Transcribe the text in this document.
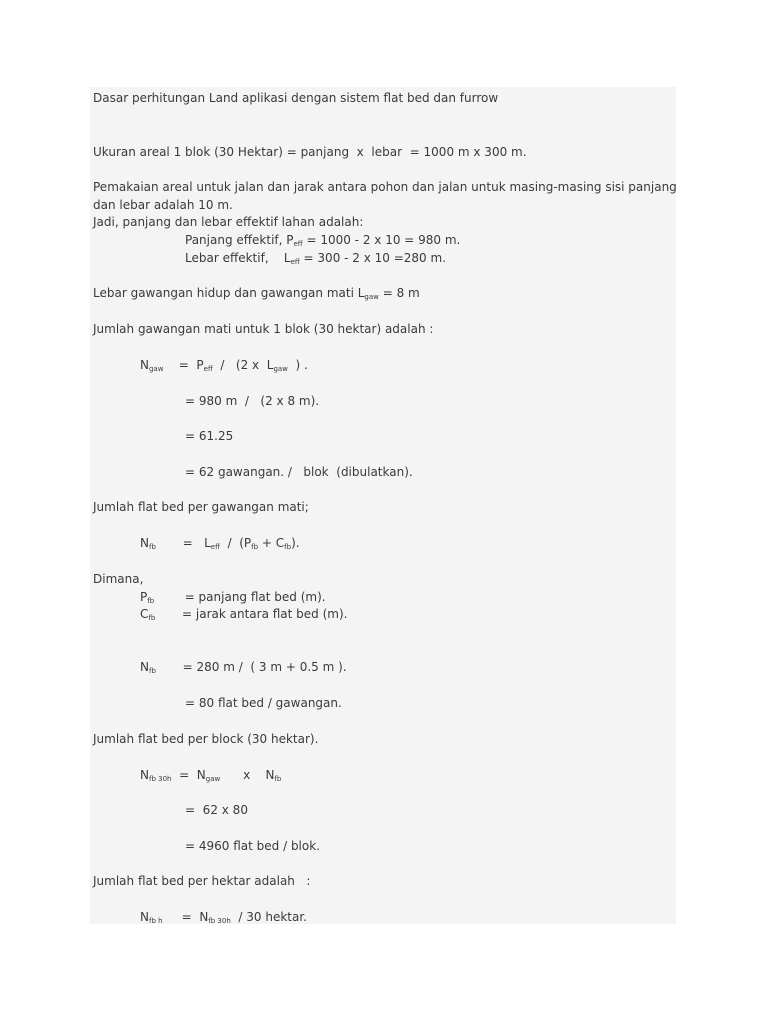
Dasar perhitungan Land aplikasi dengan sistem flat bed dan furrow
Ukuran areal 1 blok (30 Hektar) = panjang  x  lebar  = 1000 m x 300 m.
Pemakaian areal untuk jalan dan jarak antara pohon dan jalan untuk masing-masing sisi panjang
dan lebar adalah 10 m.
Jadi, panjang dan lebar effektif lahan adalah:
Panjang effektif, $P_{eff} = 1000 - 2$ x 10 = 980 m.
Lebar effektif,    $L_{eff} = 300 - 2$ x 10 =280 m.
Lebar gawangan hidup dan gawangan mati $L_{gaw} = 8$ m
Jumlah gawangan mati untuk 1 blok (30 hektar) adalah :
$N_{gaw}$    =  $P_{eff} / (2$ x  $L_{gaw}$  ) .
= 980 m  /   (2 x 8 m).
= 61.25
= 62 gawangan. /   blok  (dibulatkan).
Jumlah flat bed per gawangan mati;
$N_{fb}$       =   $L_{eff} / (P_{fb} + C_{fb})$.
Dimana,
$P_{fb}$        = panjang flat bed (m).
$C_{fb}$       = jarak antara flat bed (m).
$N_{fb}$       = 280 m /  ( 3 m + 0.5 m ).
= 80 flat bed / gawangan.
Jumlah flat bed per block (30 hektar).
$N_{fb 30h} = N_{gaw}$      x    $N_{fb}$
=  62 x 80
= 4960 flat bed / blok.
Jumlah flat bed per hektar adalah   :
$N_{fb h}$     =  $N_{fb 30h} / 30$ hektar.
